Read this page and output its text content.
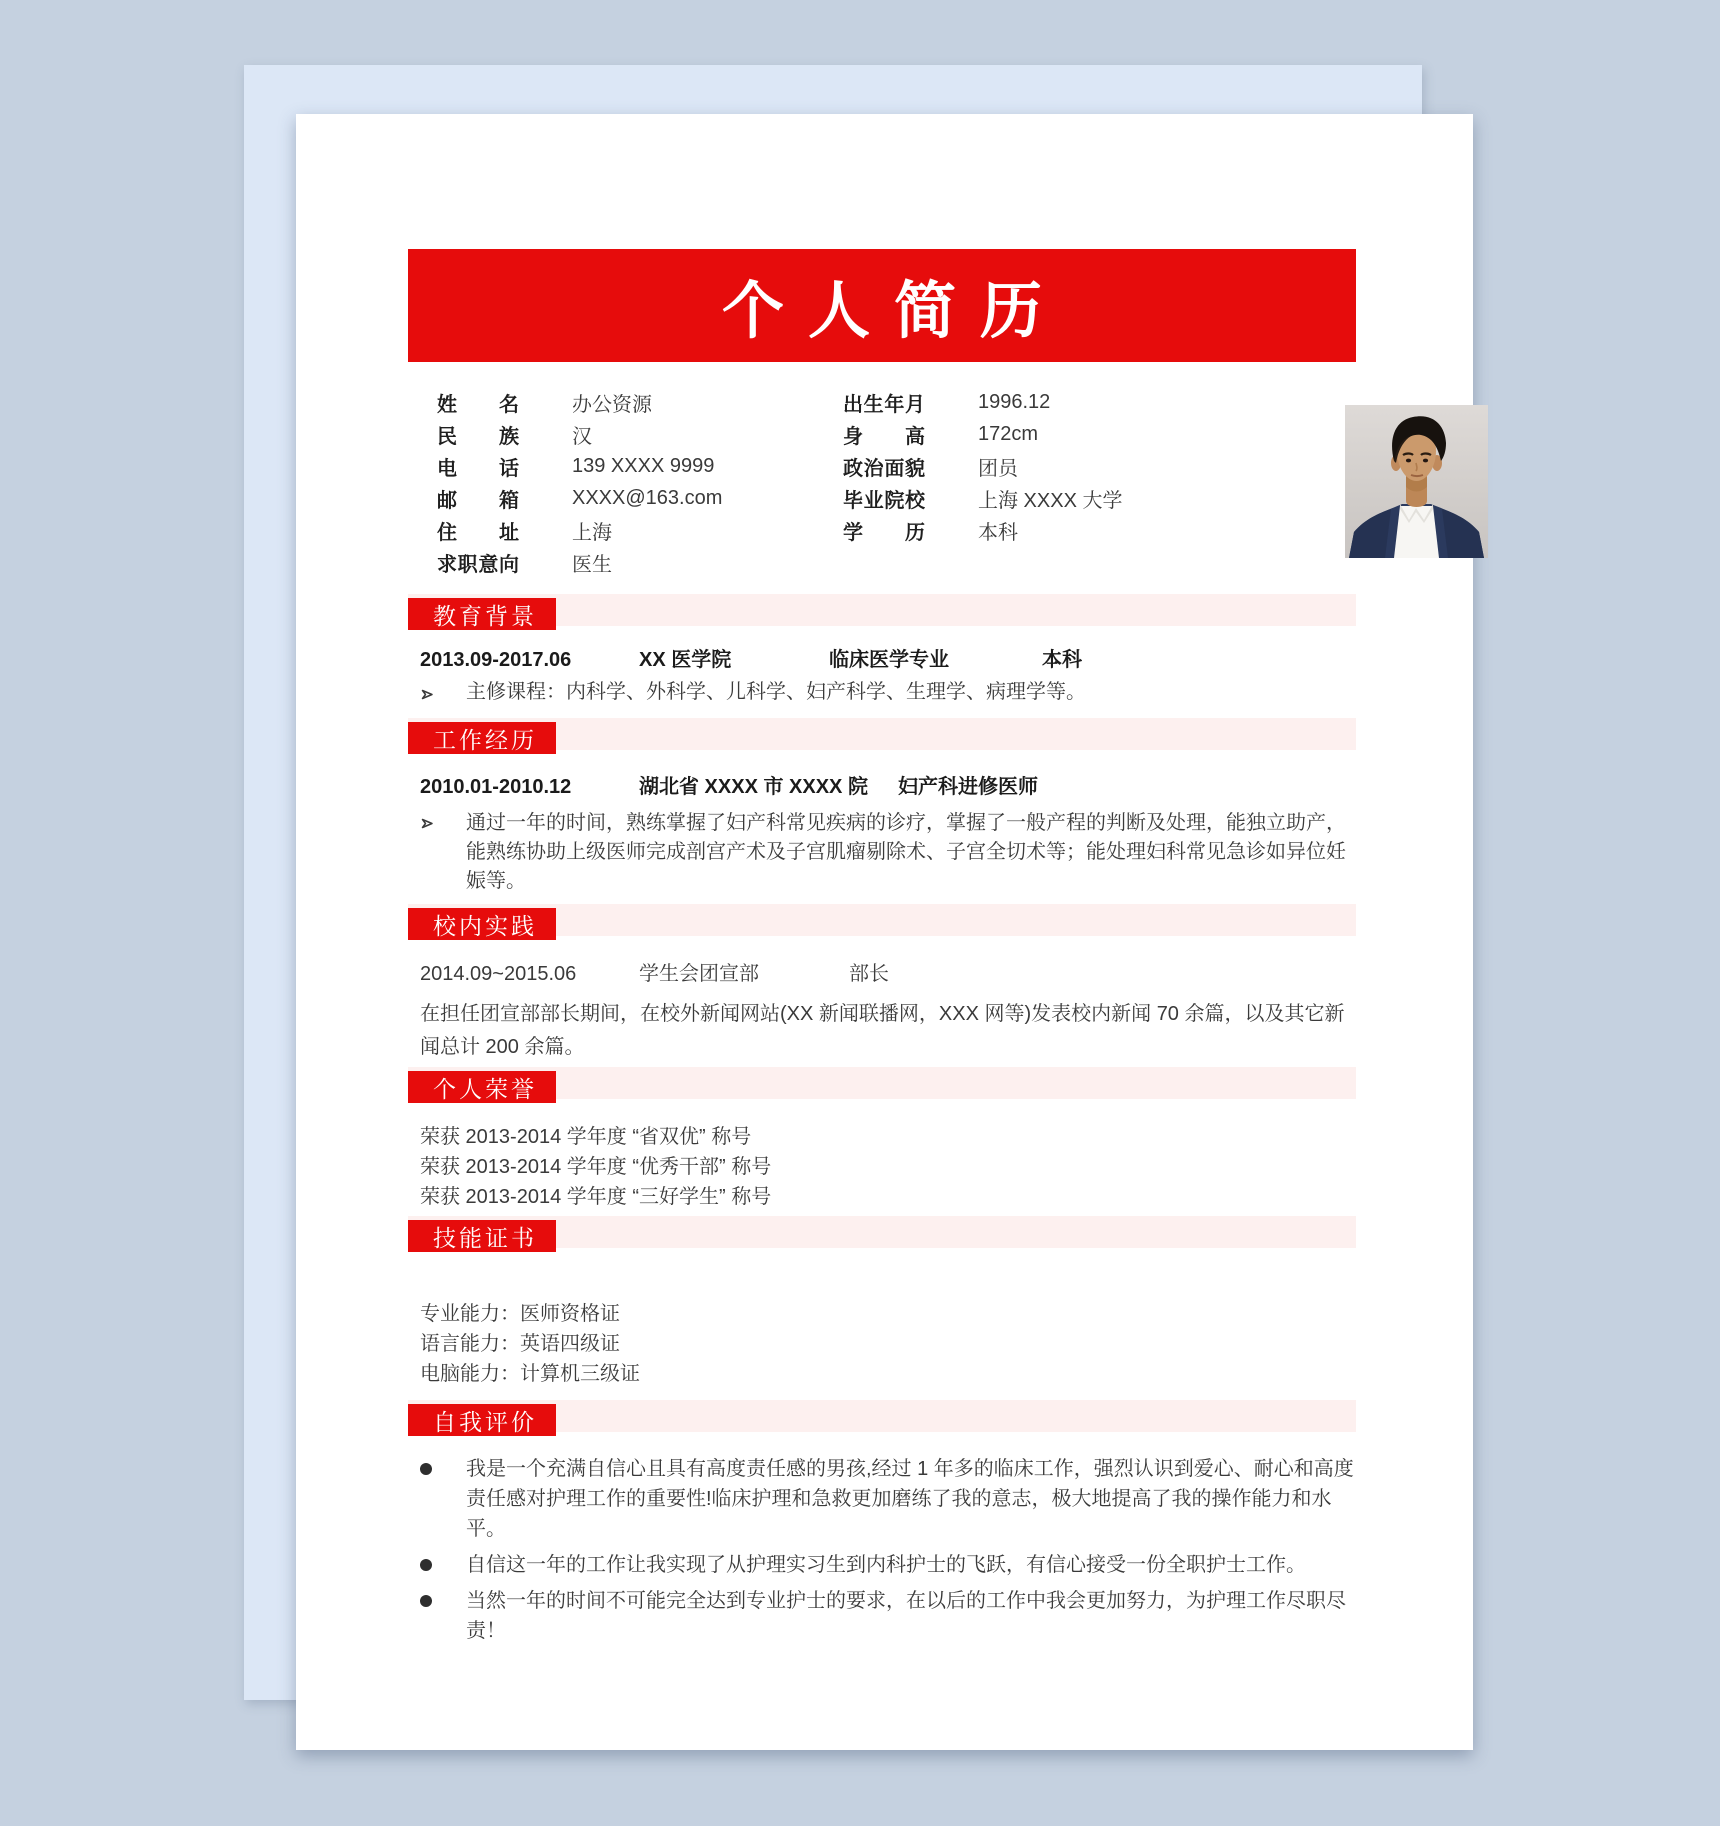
个人简历
姓名	办公资源
民族	汉
电话	139 XXXX 9999
邮箱	XXXX@163.com
住址	上海
求职意向	医生
出生年月	1996.12
身高	172cm
政治面貌	团员
毕业院校	上海 XXXX 大学
学历	本科
教育背景
2013.09-2017.06	XX 医学院	临床医学专业	本科
主修课程：内科学、外科学、儿科学、妇产科学、生理学、病理学等。
工作经历
2010.01-2010.12	湖北省 XXXX 市 XXXX 院 妇产科进修医师
通过一年的时间，熟练掌握了妇产科常见疾病的诊疗，掌握了一般产程的判断及处理，能独立助产，能熟练协助上级医师完成剖宫产术及子宫肌瘤剔除术、子宫全切术等；能处理妇科常见急诊如异位妊娠等。
校内实践
2014.09~2015.06	学生会团宣部	部长
在担任团宣部部长期间，在校外新闻网站(XX 新闻联播网，XXX 网等)发表校内新闻 70 余篇，以及其它新闻总计 200 余篇。
个人荣誉
荣获 2013-2014 学年度 “省双优” 称号
荣获 2013-2014 学年度 “优秀干部” 称号
荣获 2013-2014 学年度 “三好学生” 称号
技能证书
专业能力：医师资格证
语言能力：英语四级证
电脑能力：计算机三级证
自我评价
我是一个充满自信心且具有高度责任感的男孩,经过 1 年多的临床工作，强烈认识到爱心、耐心和高度责任感对护理工作的重要性!临床护理和急救更加磨练了我的意志，极大地提高了我的操作能力和水平。
自信这一年的工作让我实现了从护理实习生到内科护士的飞跃，有信心接受一份全职护士工作。
当然一年的时间不可能完全达到专业护士的要求，在以后的工作中我会更加努力，为护理工作尽职尽责！
